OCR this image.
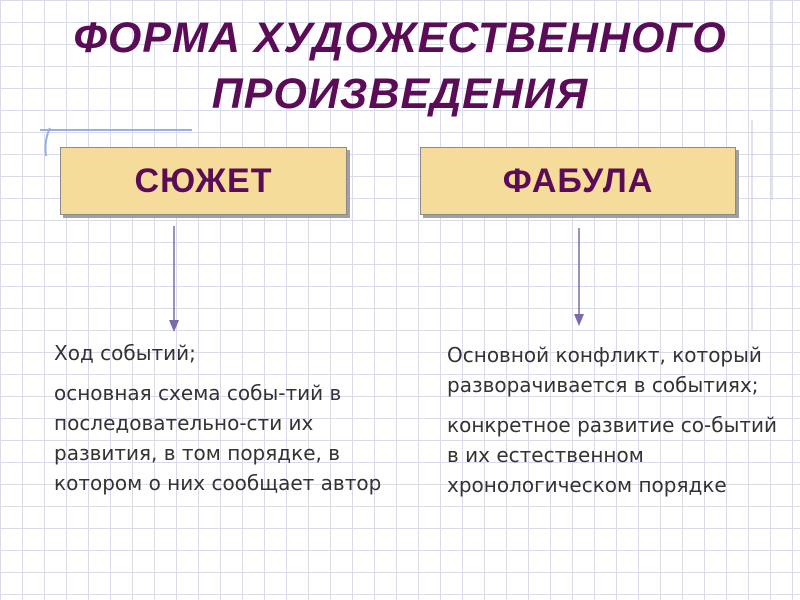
ФОРМА ХУДОЖЕСТВЕННОГО
ПРОИЗВЕДЕНИЯ
СЮЖЕТ	ФАБУЛА

Ход событий;

основная схема собы-тий в последовательно-сти их развития, в том порядке, в котором о них сообщает автор

Основной конфликт, который разворачивается в событиях;

конкретное развитие со-бытий в их естественном хронологическом порядке
